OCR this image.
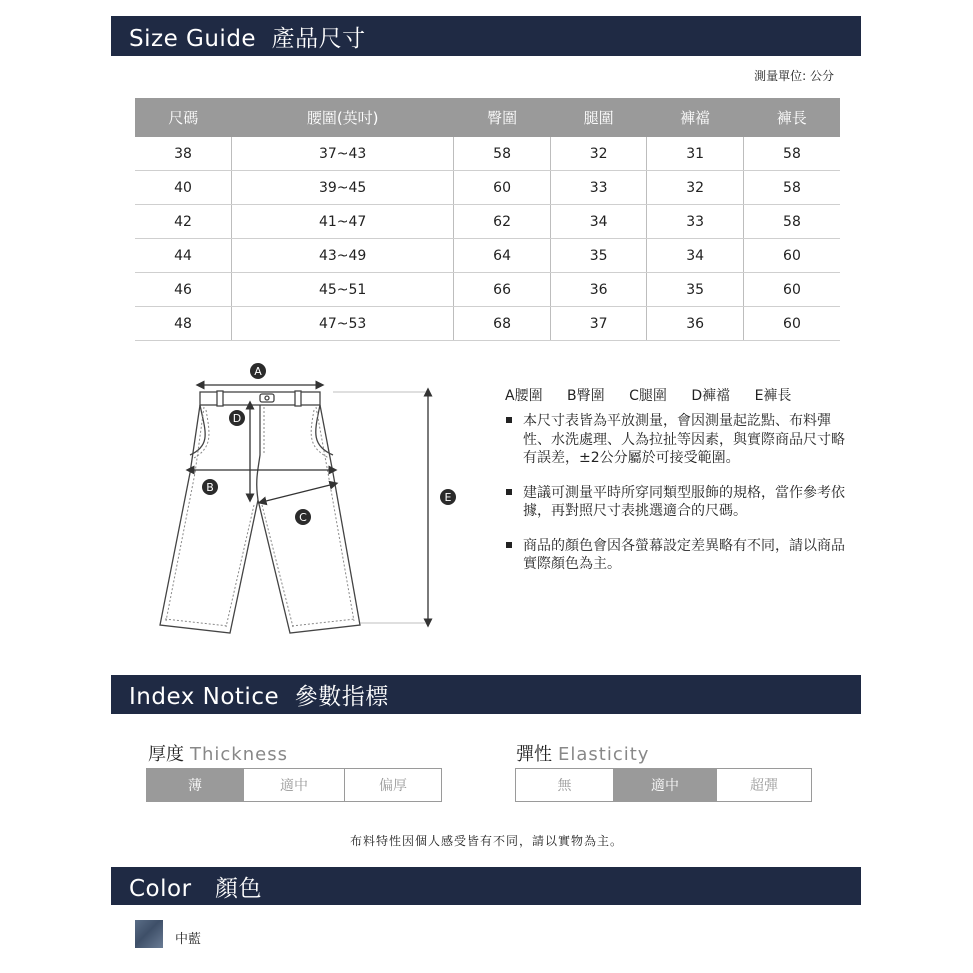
Size Guide  產品尺寸
測量單位: 公分
尺碼	腰圍(英吋)	臀圍	腿圍	褲襠	褲長
38	37~43	58	32	31	58
40	39~45	60	33	32	58
42	41~47	62	34	33	58
44	43~49	64	35	34	60
46	45~51	66	36	35	60
48	47~53	68	37	36	60
A
D
B
C
E
A腰圍 B臀圍 C腿圍 D褲襠 E褲長
本尺寸表皆為平放測量，會因測量起訖點、布料彈性、水洗處理、人為拉扯等因素，與實際商品尺寸略有誤差，±2公分屬於可接受範圍。
建議可測量平時所穿同類型服飾的規格，當作參考依據，再對照尺寸表挑選適合的尺碼。
商品的顏色會因各螢幕設定差異略有不同，請以商品實際顏色為主。
Index Notice  參數指標
厚度 Thickness
薄	適中	偏厚
彈性 Elasticity
無	適中	超彈
布料特性因個人感受皆有不同，請以實物為主。
Color   顏色
中藍
